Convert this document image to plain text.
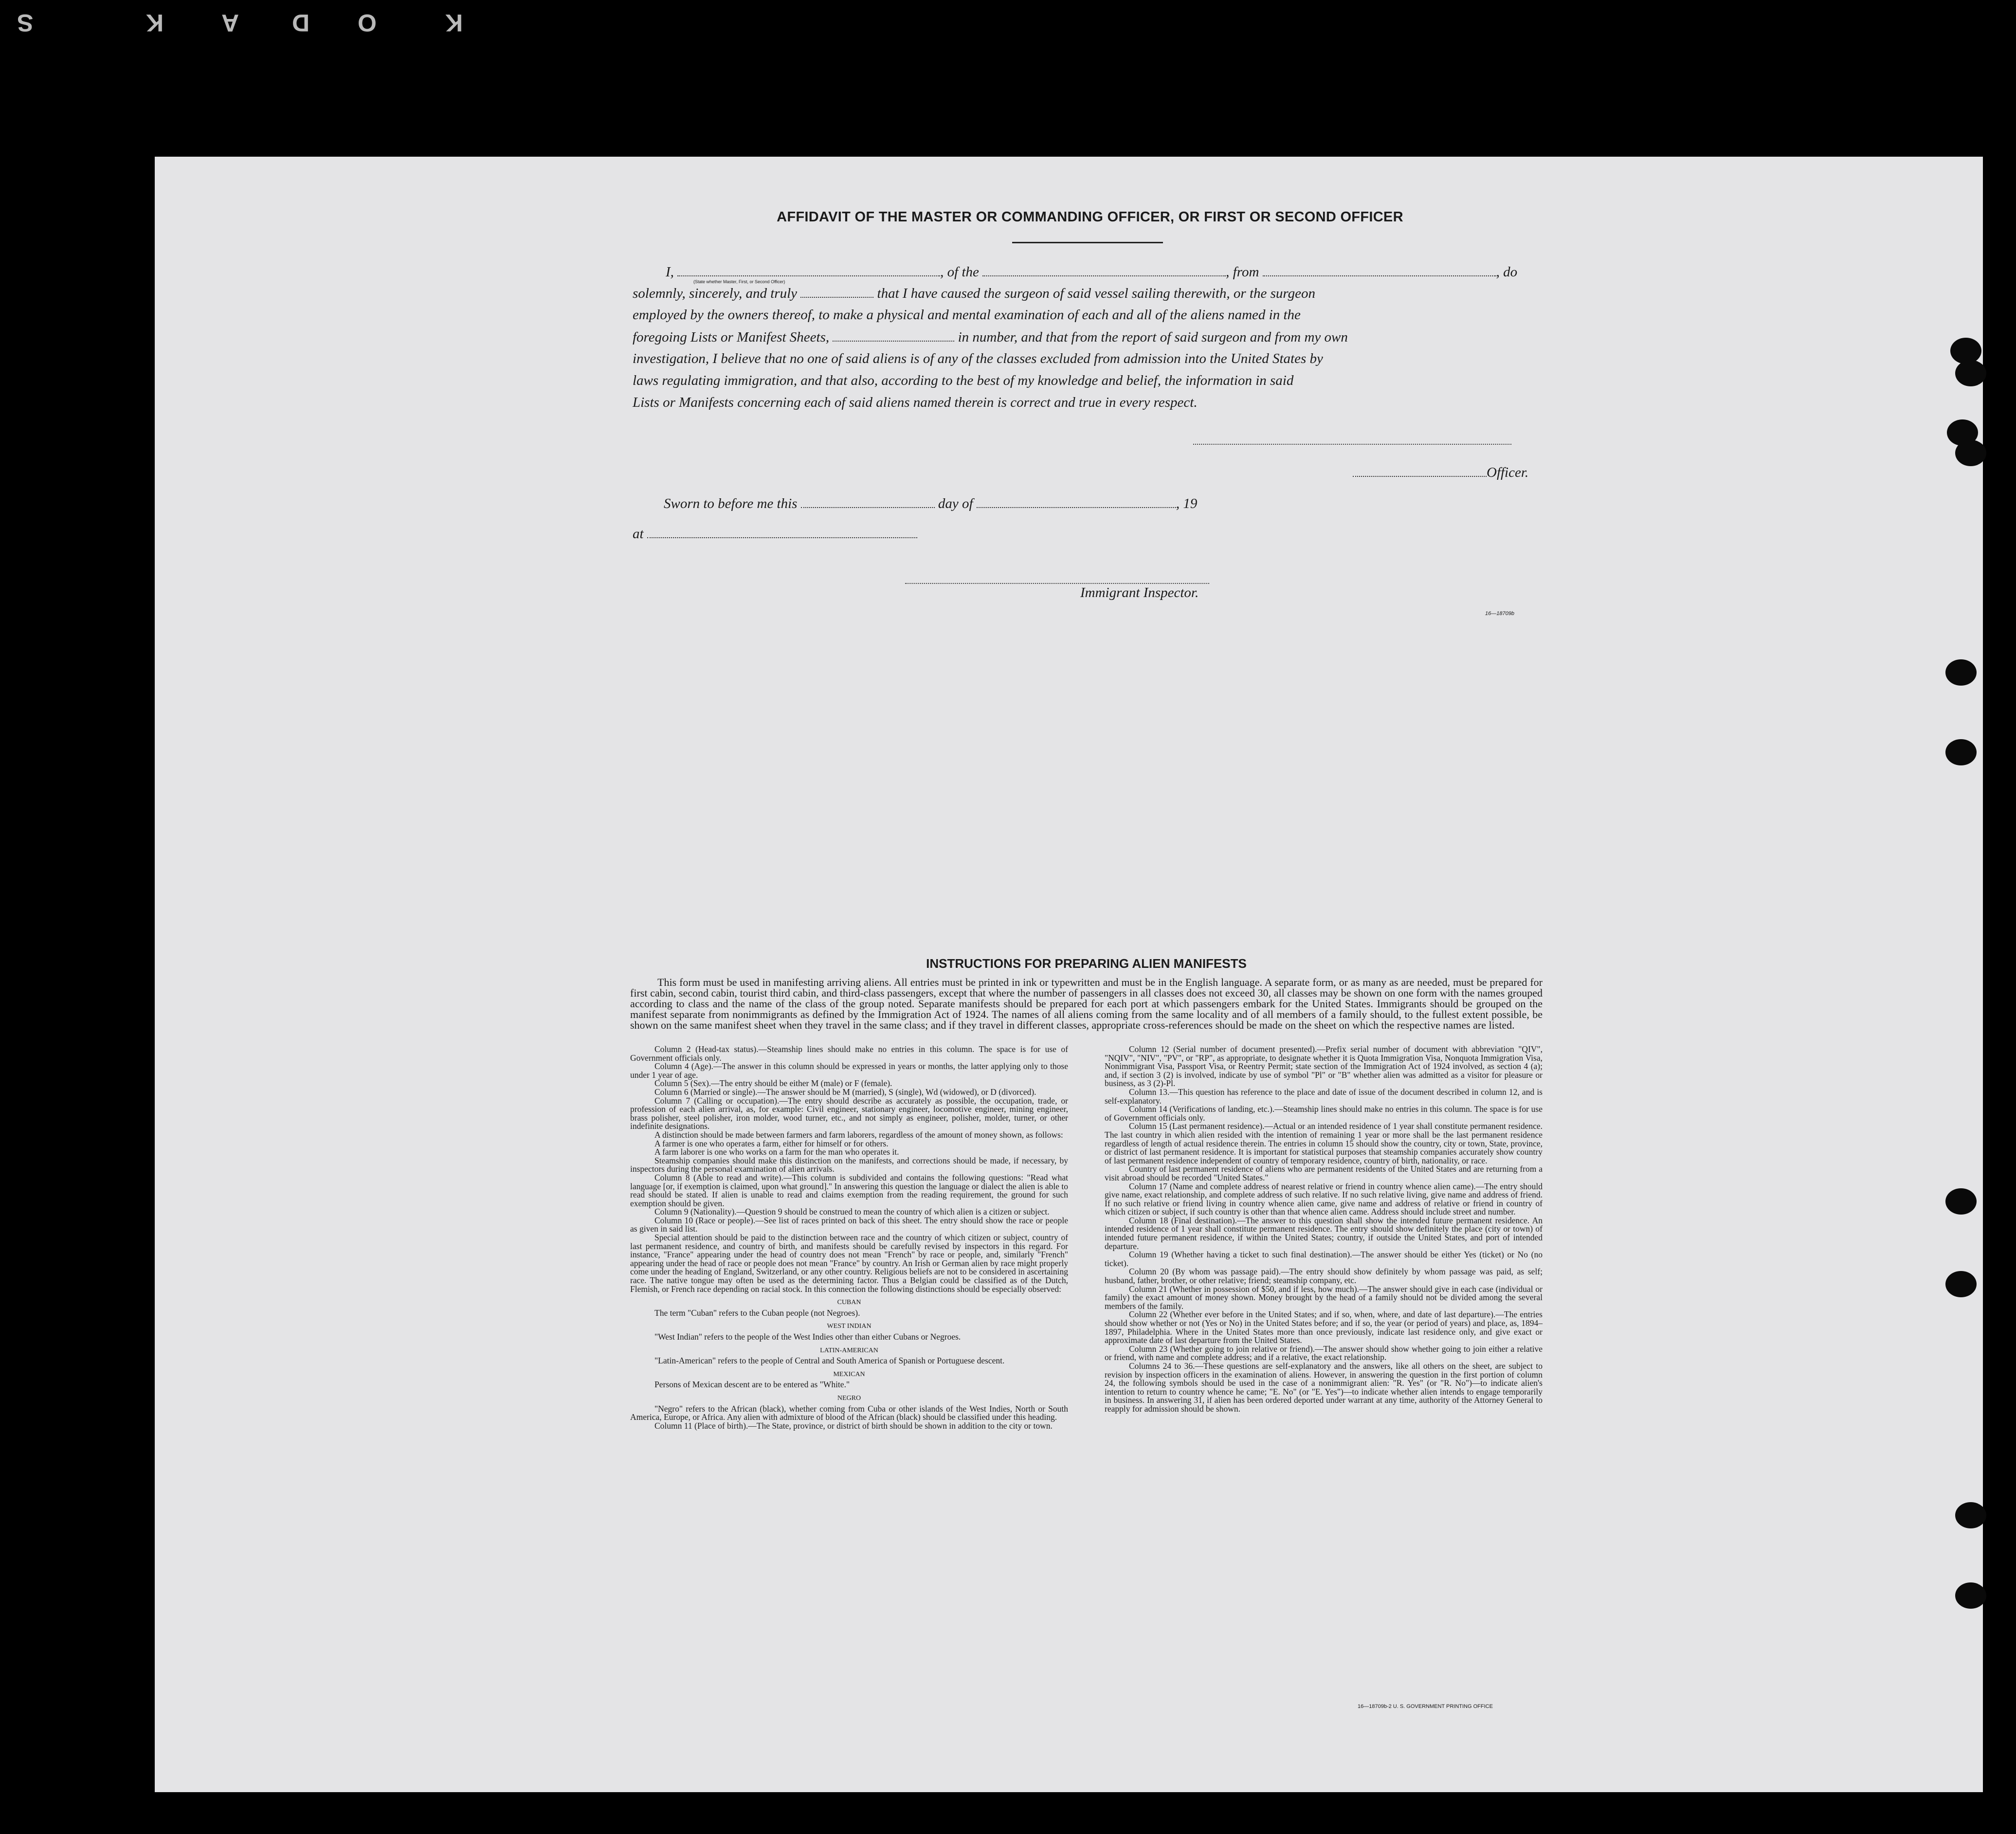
K
O
D
A
K
S
AFFIDAVIT OF THE MASTER OR COMMANDING OFFICER, OR FIRST OR SECOND OFFICER
I,	, of the	, from	, do
(State whether Master, First, or Second Officer)
solemnly, sincerely, and truly	that I have caused the surgeon of said vessel sailing therewith, or the surgeon
employed by the owners thereof, to make a physical and mental examination of each and all of the aliens named in the
foregoing Lists or Manifest Sheets,	in number, and that from the report of said surgeon and from my own
investigation, I believe that no one of said aliens is of any of the classes excluded from admission into the United States by
laws regulating immigration, and that also, according to the best of my knowledge and belief, the information in said
Lists or Manifests concerning each of said aliens named therein is correct and true in every respect.
Officer.
Sworn to before me this	day of	, 19
at
Immigrant Inspector.
16—18709b
INSTRUCTIONS FOR PREPARING ALIEN MANIFESTS

This form must be used in manifesting arriving aliens. All entries must be printed in ink or typewritten and must be in the English language. A separate form, or as many as are needed, must be prepared for first cabin, second cabin, tourist third cabin, and third-class passengers, except that where the number of passengers in all classes does not exceed 30, all classes may be shown on one form with the names grouped according to class and the name of the class of the group noted. Separate manifests should be prepared for each port at which passengers embark for the United States. Immigrants should be grouped on the manifest separate from nonimmigrants as defined by the Immigration Act of 1924. The names of all aliens coming from the same locality and of all members of a family should, to the fullest extent possible, be shown on the same manifest sheet when they travel in the same class; and if they travel in different classes, appropriate cross-references should be made on the sheet on which the respective names are listed.

Column 2 (Head-tax status).—Steamship lines should make no entries in this column. The space is for use of Government officials only.

Column 4 (Age).—The answer in this column should be expressed in years or months, the latter applying only to those under 1 year of age.

Column 5 (Sex).—The entry should be either M (male) or F (female).

Column 6 (Married or single).—The answer should be M (married), S (single), Wd (widowed), or D (divorced).

Column 7 (Calling or occupation).—The entry should describe as accurately as possible, the occupation, trade, or profession of each alien arrival, as, for example: Civil engineer, stationary engineer, locomotive engineer, mining engineer, brass polisher, steel polisher, iron molder, wood turner, etc., and not simply as engineer, polisher, molder, turner, or other indefinite designations.

A distinction should be made between farmers and farm laborers, regardless of the amount of money shown, as follows:

A farmer is one who operates a farm, either for himself or for others.

A farm laborer is one who works on a farm for the man who operates it.

Steamship companies should make this distinction on the manifests, and corrections should be made, if necessary, by inspectors during the personal examination of alien arrivals.

Column 8 (Able to read and write).—This column is subdivided and contains the following questions: "Read what language [or, if exemption is claimed, upon what ground]." In answering this question the language or dialect the alien is able to read should be stated. If alien is unable to read and claims exemption from the reading requirement, the ground for such exemption should be given.

Column 9 (Nationality).—Question 9 should be construed to mean the country of which alien is a citizen or subject.

Column 10 (Race or people).—See list of races printed on back of this sheet. The entry should show the race or people as given in said list.

Special attention should be paid to the distinction between race and the country of which citizen or subject, country of last permanent residence, and country of birth, and manifests should be carefully revised by inspectors in this regard. For instance, "France" appearing under the head of country does not mean "French" by race or people, and, similarly "French" appearing under the head of race or people does not mean "France" by country. An Irish or German alien by race might properly come under the heading of England, Switzerland, or any other country. Religious beliefs are not to be considered in ascertaining race. The native tongue may often be used as the determining factor. Thus a Belgian could be classified as of the Dutch, Flemish, or French race depending on racial stock. In this connection the following distinctions should be especially observed:

CUBAN

The term "Cuban" refers to the Cuban people (not Negroes).

WEST INDIAN

"West Indian" refers to the people of the West Indies other than either Cubans or Negroes.

LATIN-AMERICAN

"Latin-American" refers to the people of Central and South America of Spanish or Portuguese descent.

MEXICAN

Persons of Mexican descent are to be entered as "White."

NEGRO

"Negro" refers to the African (black), whether coming from Cuba or other islands of the West Indies, North or South America, Europe, or Africa. Any alien with admixture of blood of the African (black) should be classified under this heading.

Column 11 (Place of birth).—The State, province, or district of birth should be shown in addition to the city or town.

Column 12 (Serial number of document presented).—Prefix serial number of document with abbreviation "QIV", "NQIV", "NIV", "PV", or "RP", as appropriate, to designate whether it is Quota Immigration Visa, Nonquota Immigration Visa, Nonimmigrant Visa, Passport Visa, or Reentry Permit; state section of the Immigration Act of 1924 involved, as section 4 (a); and, if section 3 (2) is involved, indicate by use of symbol "Pl" or "B" whether alien was admitted as a visitor for pleasure or business, as 3 (2)-Pl.

Column 13.—This question has reference to the place and date of issue of the document described in column 12, and is self-explanatory.

Column 14 (Verifications of landing, etc.).—Steamship lines should make no entries in this column. The space is for use of Government officials only.

Column 15 (Last permanent residence).—Actual or an intended residence of 1 year shall constitute permanent residence. The last country in which alien resided with the intention of remaining 1 year or more shall be the last permanent residence regardless of length of actual residence therein. The entries in column 15 should show the country, city or town, State, province, or district of last permanent residence. It is important for statistical purposes that steamship companies accurately show country of last permanent residence independent of country of temporary residence, country of birth, nationality, or race.

Country of last permanent residence of aliens who are permanent residents of the United States and are returning from a visit abroad should be recorded "United States."

Column 17 (Name and complete address of nearest relative or friend in country whence alien came).—The entry should give name, exact relationship, and complete address of such relative. If no such relative living, give name and address of friend. If no such relative or friend living in country whence alien came, give name and address of relative or friend in country of which citizen or subject, if such country is other than that whence alien came. Address should include street and number.

Column 18 (Final destination).—The answer to this question shall show the intended future permanent residence. An intended residence of 1 year shall constitute permanent residence. The entry should show definitely the place (city or town) of intended future permanent residence, if within the United States; country, if outside the United States, and port of intended departure.

Column 19 (Whether having a ticket to such final destination).—The answer should be either Yes (ticket) or No (no ticket).

Column 20 (By whom was passage paid).—The entry should show definitely by whom passage was paid, as self; husband, father, brother, or other relative; friend; steamship company, etc.

Column 21 (Whether in possession of $50, and if less, how much).—The answer should give in each case (individual or family) the exact amount of money shown. Money brought by the head of a family should not be divided among the several members of the family.

Column 22 (Whether ever before in the United States; and if so, when, where, and date of last departure).—The entries should show whether or not (Yes or No) in the United States before; and if so, the year (or period of years) and place, as, 1894–1897, Philadelphia. Where in the United States more than once previously, indicate last residence only, and give exact or approximate date of last departure from the United States.

Column 23 (Whether going to join relative or friend).—The answer should show whether going to join either a relative or friend, with name and complete address; and if a relative, the exact relationship.

Columns 24 to 36.—These questions are self-explanatory and the answers, like all others on the sheet, are subject to revision by inspection officers in the examination of aliens. However, in answering the question in the first portion of column 24, the following symbols should be used in the case of a nonimmigrant alien: "R. Yes" (or "R. No")—to indicate alien's intention to return to country whence he came; "E. No" (or "E. Yes")—to indicate whether alien intends to engage temporarily in business. In answering 31, if alien has been ordered deported under warrant at any time, authority of the Attorney General to reapply for admission should be shown.

16—18709b-2 U. S. GOVERNMENT PRINTING OFFICE
